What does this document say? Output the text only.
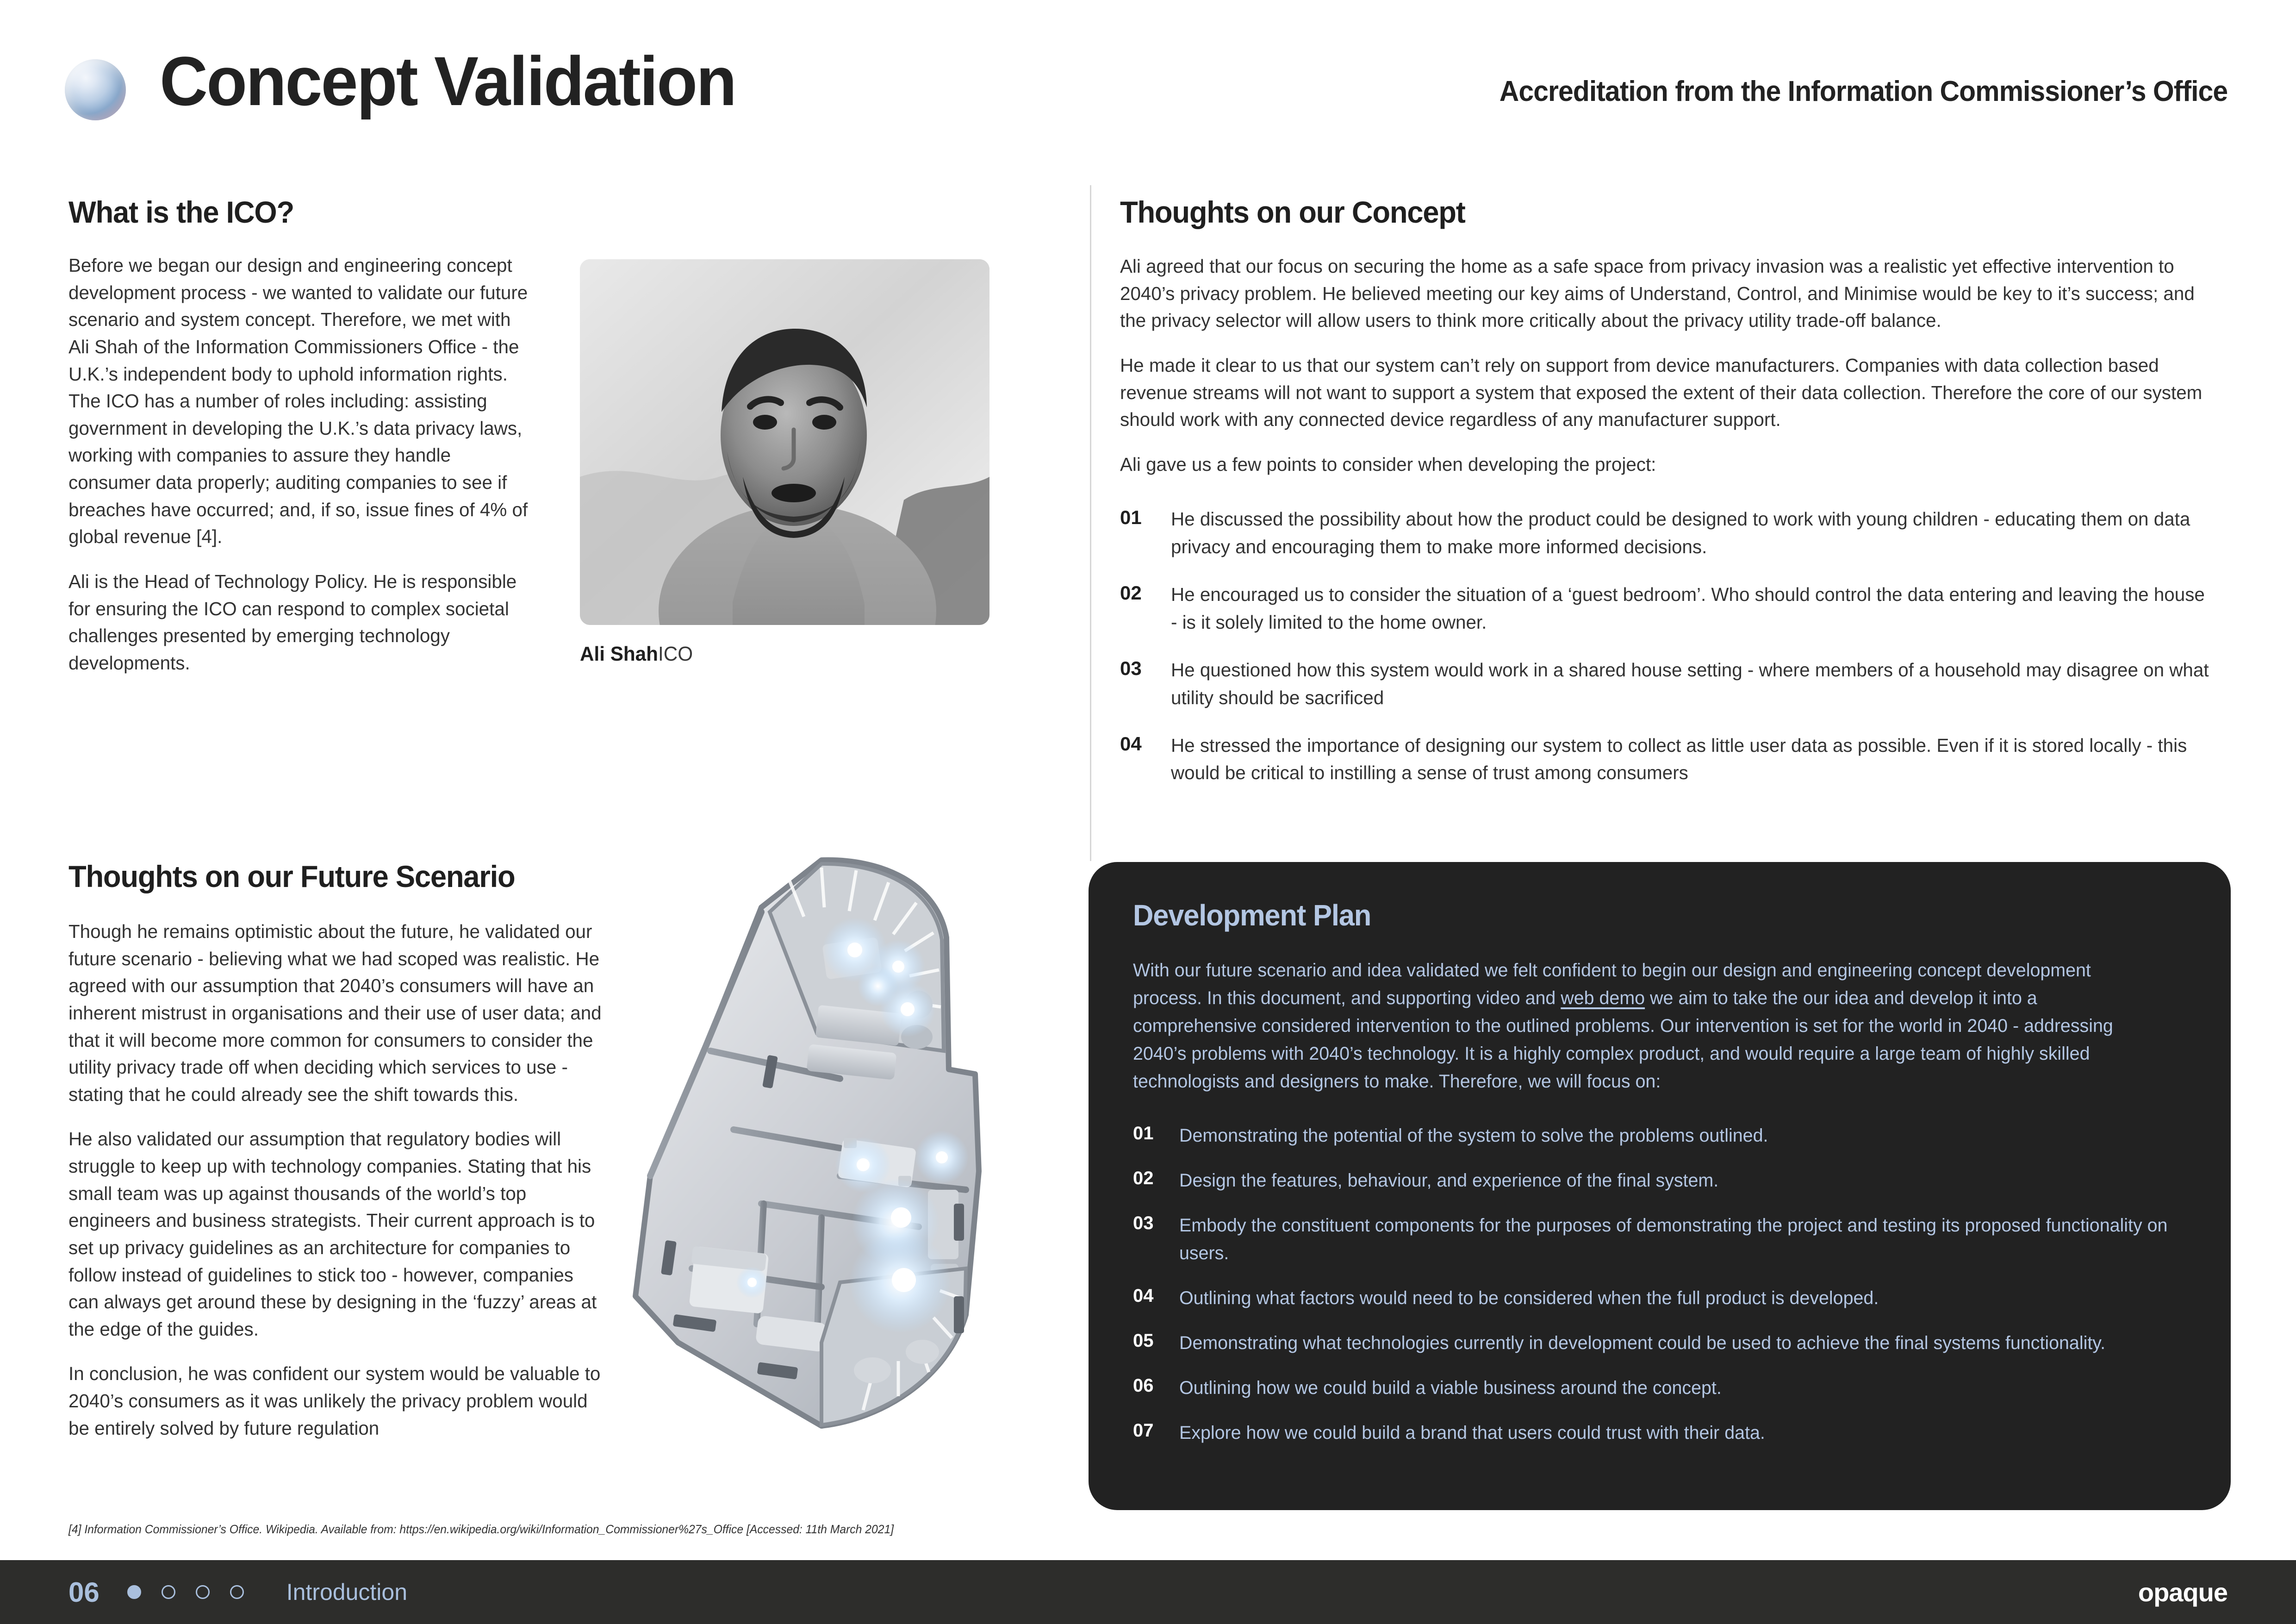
Concept Validation	Accreditation from the Information Commissioner’s Office
What is the ICO?

Before we began our design and engineering concept development process - we wanted to validate our future scenario and system concept. Therefore, we met with Ali Shah of the Information Commissioners Office - the U.K.’s independent body to uphold information rights. The ICO has a number of roles including: assisting government in developing the U.K.’s data privacy laws, working with companies to assure they handle consumer data properly; auditing companies to see if breaches have occurred; and, if so, issue fines of 4% of global revenue [4].

Ali is the Head of Technology Policy. He is responsible for ensuring the ICO can respond to complex societal challenges presented by emerging technology developments.	Ali ShahICO
Thoughts on our Concept

Ali agreed that our focus on securing the home as a safe space from privacy invasion was a realistic yet effective intervention to 2040’s privacy problem. He believed meeting our key aims of Understand, Control, and Minimise would be key to it’s success; and the privacy selector will allow users to think more critically about the privacy utility trade-off balance.

He made it clear to us that our system can’t rely on support from device manufacturers. Companies with data collection based revenue streams will not want to support a system that exposed the extent of their data collection. Therefore the core of our system should work with any connected device regardless of any manufacturer support.

Ali gave us a few points to consider when developing the project:

01	He discussed the possibility about how the product could be designed to work with young children - educating them on data privacy and encouraging them to make more informed decisions.
02	He encouraged us to consider the situation of a ‘guest bedroom’. Who should control the data entering and leaving the house - is it solely limited to the home owner.
03	He questioned how this system would work in a shared house setting - where members of a household may disagree on what utility should be sacrificed
04	He stressed the importance of designing our system to collect as little user data as possible. Even if it is stored locally - this would be critical to instilling a sense of trust among consumers
Thoughts on our Future Scenario

Though he remains optimistic about the future, he validated our future scenario - believing what we had scoped was realistic. He agreed with our assumption that 2040’s consumers will have an inherent mistrust in organisations and their use of user data; and that it will become more common for consumers to consider the utility privacy trade off when deciding which services to use - stating that he could already see the shift towards this.

He also validated our assumption that regulatory bodies will struggle to keep up with technology companies. Stating that his small team was up against thousands of the world’s top engineers and business strategists. Their current approach is to set up privacy guidelines as an architecture for companies to follow instead of guidelines to stick too - however, companies can always get around these by designing in the ‘fuzzy’ areas at the edge of the guides.

In conclusion, he was confident our system would be valuable to 2040’s consumers as it was unlikely the privacy problem would be entirely solved by future regulation

Development Plan

With our future scenario and idea validated we felt confident to begin our design and engineering concept development process. In this document, and supporting video and web demo we aim to take the our idea and develop it into a comprehensive considered intervention to the outlined problems. Our intervention is set for the world in 2040 - addressing 2040’s problems with 2040’s technology. It is a highly complex product, and would require a large team of highly skilled technologists and designers to make. Therefore, we will focus on:

01	Demonstrating the potential of the system to solve the problems outlined.
02	Design the features, behaviour, and experience of the final system.
03	Embody the constituent components for the purposes of demonstrating the project and testing its proposed functionality on users.
04	Outlining what factors would need to be considered when the full product is developed.
05	Demonstrating what technologies currently in development could be used to achieve the final systems functionality.
06	Outlining how we could build a viable business around the concept.
07	Explore how we could build a brand that users could trust with their data.
[4] Information Commissioner’s Office. Wikipedia. Available from: https://en.wikipedia.org/wiki/Information_Commissioner%27s_Office [Accessed: 11th March 2021]
06	Introduction	opaque
